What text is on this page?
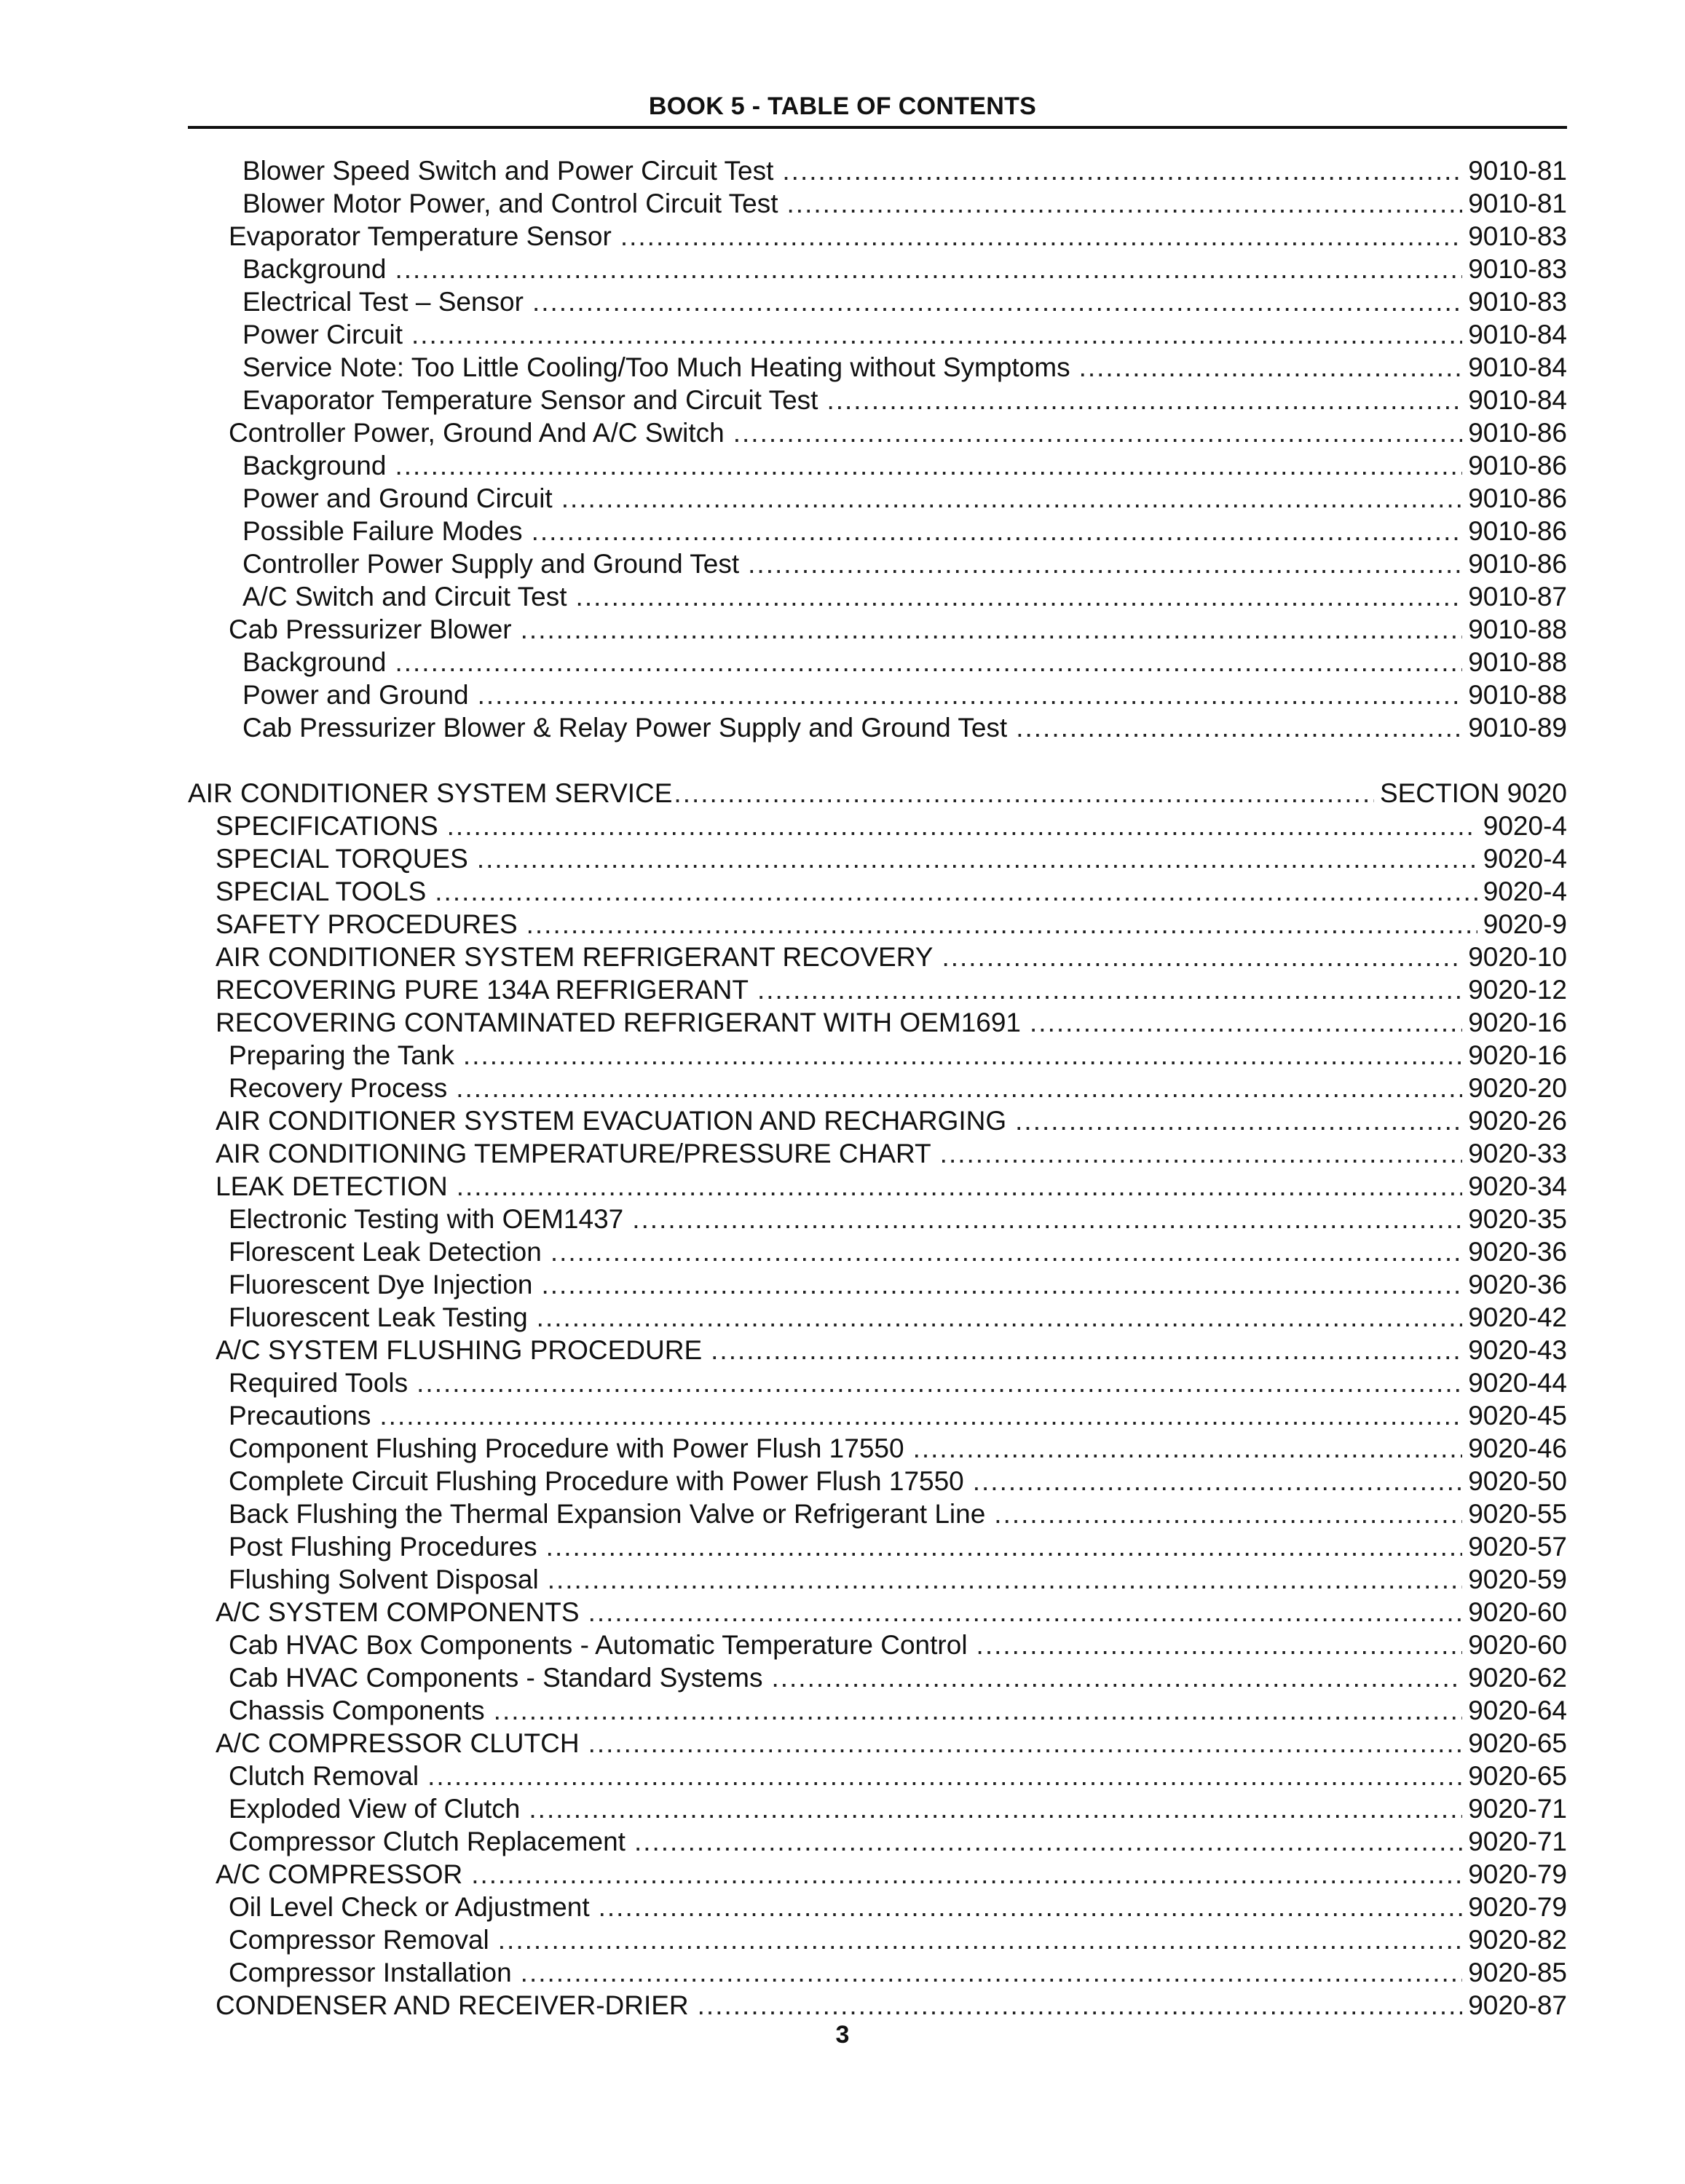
BOOK 5 - TABLE OF CONTENTS
Blower Speed Switch and Power Circuit Test .....	9010-81
Blower Motor Power, and Control Circuit Test .....	9010-81
Evaporator Temperature Sensor .....	9010-83
Background .....	9010-83
Electrical Test – Sensor .....	9010-83
Power Circuit .....	9010-84
Service Note: Too Little Cooling/Too Much Heating without Symptoms .....	9010-84
Evaporator Temperature Sensor and Circuit Test .....	9010-84
Controller Power, Ground And A/C Switch .....	9010-86
Background .....	9010-86
Power and Ground Circuit .....	9010-86
Possible Failure Modes .....	9010-86
Controller Power Supply and Ground Test .....	9010-86
A/C Switch and Circuit Test .....	9010-87
Cab Pressurizer Blower .....	9010-88
Background .....	9010-88
Power and Ground .....	9010-88
Cab Pressurizer Blower & Relay Power Supply and Ground Test .....	9010-89
AIR CONDITIONER SYSTEM SERVICE .....	SECTION 9020
SPECIFICATIONS .....	9020-4
SPECIAL TORQUES .....	9020-4
SPECIAL TOOLS .....	9020-4
SAFETY PROCEDURES .....	9020-9
AIR CONDITIONER SYSTEM REFRIGERANT RECOVERY .....	9020-10
RECOVERING PURE 134A REFRIGERANT .....	9020-12
RECOVERING CONTAMINATED REFRIGERANT WITH OEM1691 .....	9020-16
Preparing the Tank .....	9020-16
Recovery Process .....	9020-20
AIR CONDITIONER SYSTEM EVACUATION AND RECHARGING .....	9020-26
AIR CONDITIONING TEMPERATURE/PRESSURE CHART .....	9020-33
LEAK DETECTION .....	9020-34
Electronic Testing with OEM1437 .....	9020-35
Florescent Leak Detection .....	9020-36
Fluorescent Dye Injection .....	9020-36
Fluorescent Leak Testing .....	9020-42
A/C SYSTEM FLUSHING PROCEDURE .....	9020-43
Required Tools .....	9020-44
Precautions .....	9020-45
Component Flushing Procedure with Power Flush 17550 .....	9020-46
Complete Circuit Flushing Procedure with Power Flush 17550 .....	9020-50
Back Flushing the Thermal Expansion Valve or Refrigerant Line .....	9020-55
Post Flushing Procedures .....	9020-57
Flushing Solvent Disposal .....	9020-59
A/C SYSTEM COMPONENTS .....	9020-60
Cab HVAC Box Components - Automatic Temperature Control .....	9020-60
Cab HVAC Components - Standard Systems .....	9020-62
Chassis Components .....	9020-64
A/C COMPRESSOR CLUTCH .....	9020-65
Clutch Removal .....	9020-65
Exploded View of Clutch .....	9020-71
Compressor Clutch Replacement .....	9020-71
A/C COMPRESSOR .....	9020-79
Oil Level Check or Adjustment .....	9020-79
Compressor Removal .....	9020-82
Compressor Installation .....	9020-85
CONDENSER AND RECEIVER-DRIER .....	9020-87
3
